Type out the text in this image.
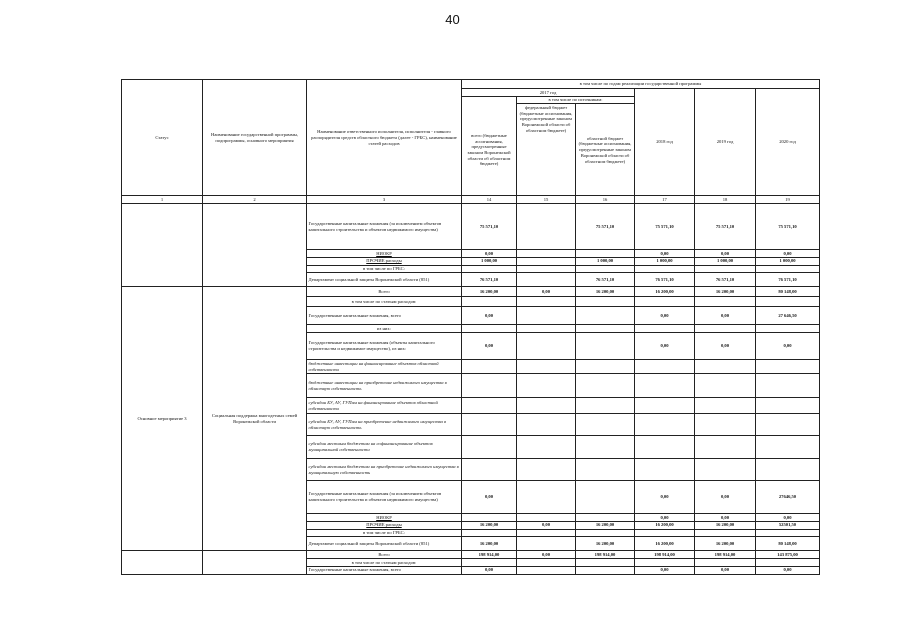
40
Статус	Наименование государственной программы, подпрограммы, основного мероприятия	Наименование ответственного исполнителя, исполнителя - главного распорядителя средств областного бюджета (далее - ГРБС), наименование статей расходов	в том числе по годам реализации государственной программы					
			2017 год			2018 год	2019 год	2020 год
				в том числе по источникам:				
			всего (бюджетные ассигнования, предусмотренные законом Воронежской области об областном бюджете)	федеральный бюджет (бюджетные ассигнования, предусмотренные законом Воронежской области об областном бюджете)	областной бюджет (бюджетные ассигнования, предусмотренные законом Воронежской области об областном бюджете)			
1	2	3	14	15	16	17	18	19
		Государственные капитальные вложения (за исключением объектов капитального строительства и объектов недвижимого имущества)	75 571,10		75 571,10	75 571,10	75 571,10	75 571,10
		НИОКР	0,00			0,00	0,00	0,00
		ПРОЧИЕ расходы	1 000,00		1 000,00	1 000,00	1 000,00	1 000,00
		в том числе по ГРБС:						
		Департамент социальной защиты Воронежской области (851)	76 571,10		76 571,10	76 571,10	76 571,10	76 571,10
Основное мероприятие 3	Социальная поддержка многодетных семей Воронежской области	Всего	16 200,00	0,00	16 200,00	16 200,00	16 200,00	80 148,00
		в том числе по статьям расходов:						
		Государственные капитальные вложения, всего	0,00			0,00	0,00	27 646,50
		из них:						
		Государственные капитальные вложения (объекты капитального строительства и недвижимое имущество), из них:	0,00			0,00	0,00	0,00
		бюджетные инвестиции на финансирование объектов областной собственности						
		бюджетные инвестиции на приобретение недвижимого имущества в областную собственность						
		субсидии БУ, АУ, ГУПам на финансирование объектов областной собственности						
		субсидии БУ, АУ, ГУПам на приобретение недвижимого имущества в областную собственность						
		субсидии местным бюджетам на софинансирование объектов муниципальной собственности						
		субсидии местным бюджетам на приобретение недвижимого имущества в муниципальную собственность						
		Государственные капитальные вложения (за исключением объектов капитального строительства и объектов недвижимого имущества)	0,00			0,00	0,00	27646,50
		НИОКР				0,00	0,00	0,00
		ПРОЧИЕ расходы	16 200,00	0,00	16 200,00	16 200,00	16 200,00	52501,50
		в том числе по ГРБС:						
		Департамент социальной защиты Воронежской области (851)	16 200,00		16 200,00	16 200,00	16 200,00	80 148,00
		Всего	198 914,00	0,00	198 914,00	198 914,00	198 914,00	143 875,00
		в том числе по статьям расходов:						
		Государственные капитальные вложения, всего	0,00			0,00	0,00	0,00
